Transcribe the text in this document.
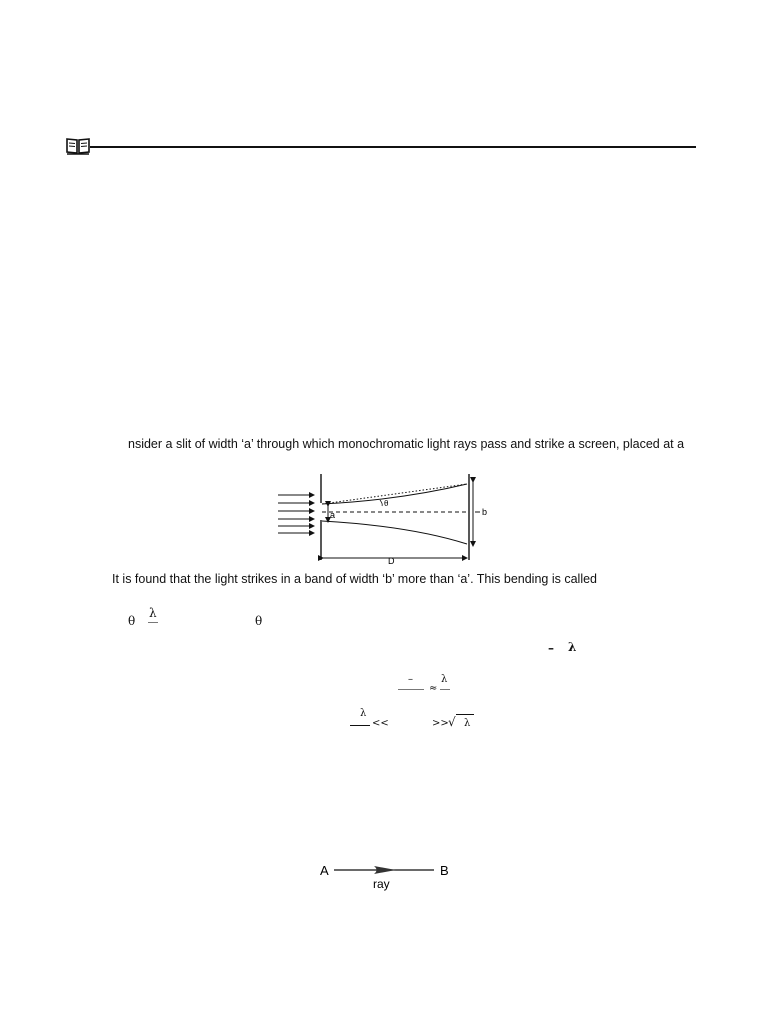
nsider a slit of width ‘a’ through which monochromatic light rays pass and strike a screen, placed at a
a	b
D
θ
It is found that the light strikes in a band of width ‘b’ more than ‘a’. This bending is called
θ
λ
θ
– λ
–
≈
λ
λ
<<	>> √ λ
A	B
ray
